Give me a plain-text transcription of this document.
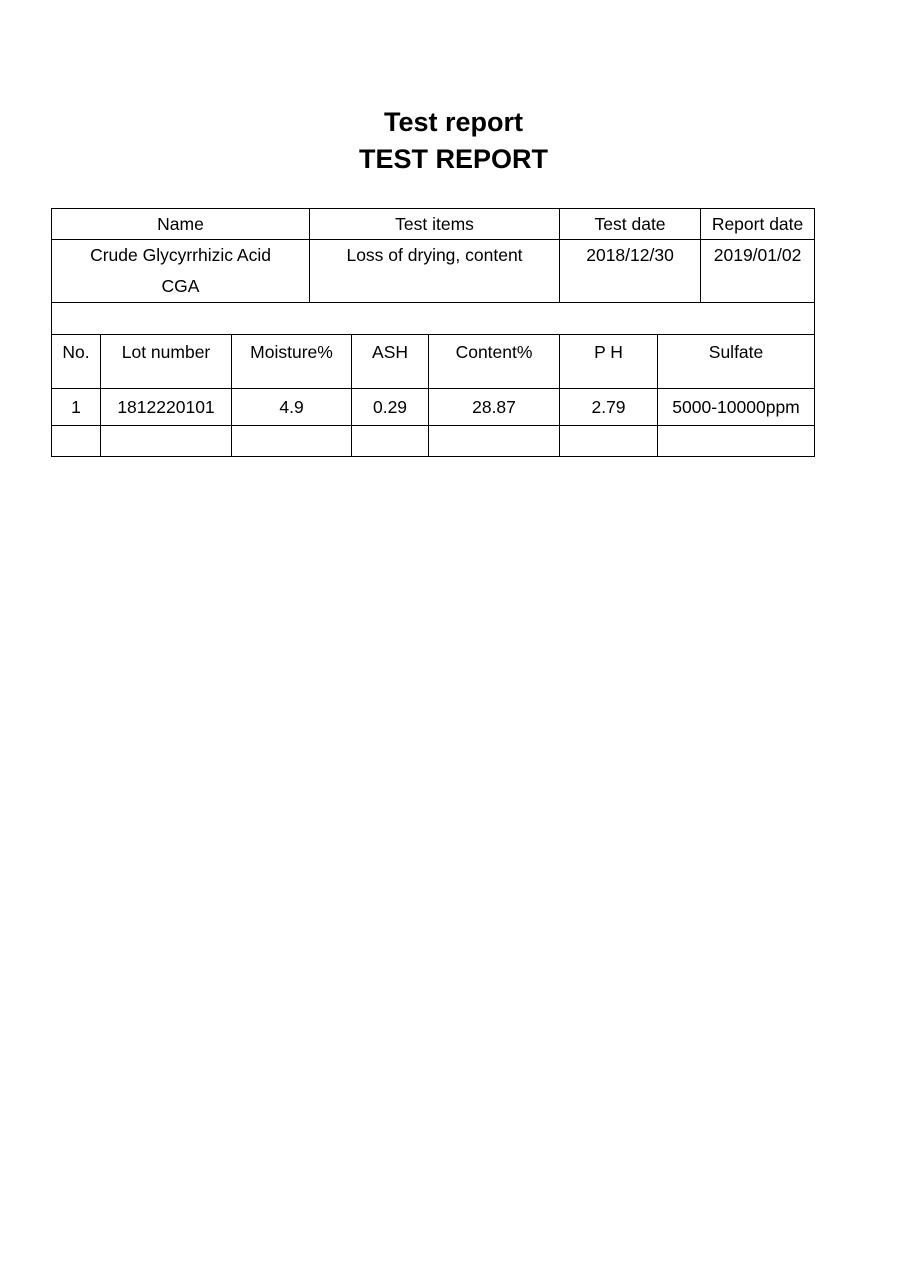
Test report
TEST REPORT
Name			Test items			Test date		Report date

Crude Glycyrrhizic Acid
CGA			Loss of drying, content			2018/12/30		2019/01/02

No.	Lot number	Moisture%		ASH	Content%	P H	Sulfate	
1	1812220101	4.9		0.29	28.87	2.79	5000-10000ppm	
